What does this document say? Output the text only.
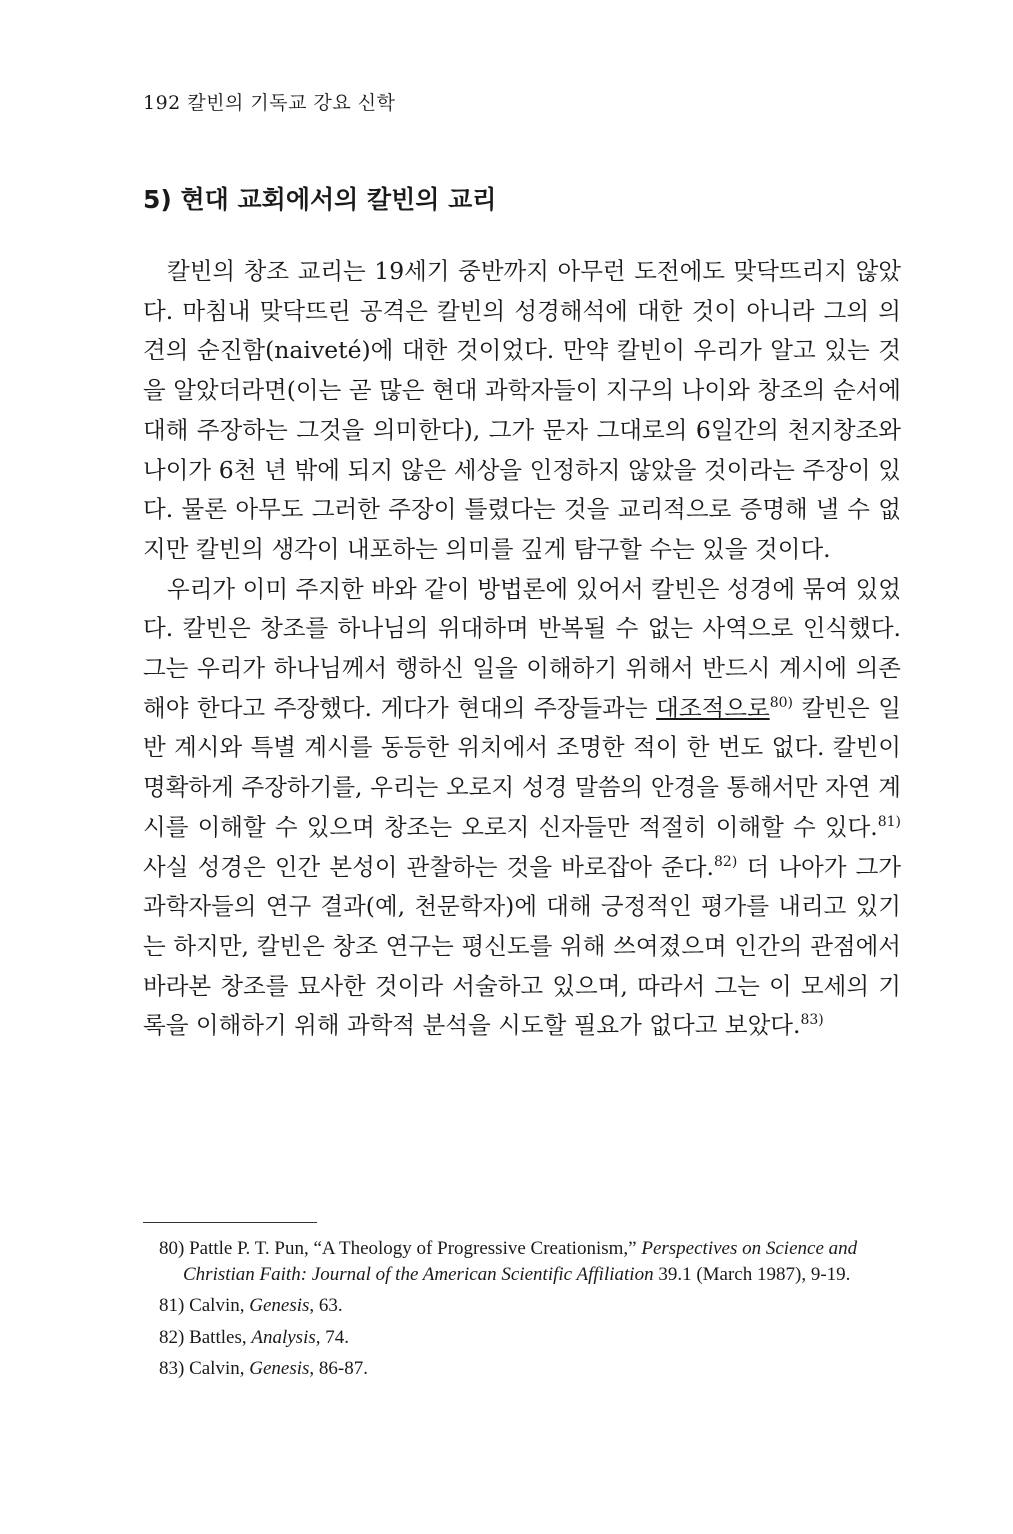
192 칼빈의 기독교 강요 신학
5) 현대 교회에서의 칼빈의 교리

칼빈의 창조 교리는 19세기 중반까지 아무런 도전에도 맞닥뜨리지 않았다. 마침내 맞닥뜨린 공격은 칼빈의 성경해석에 대한 것이 아니라 그의 의견의 순진함(naiveté)에 대한 것이었다. 만약 칼빈이 우리가 알고 있는 것을 알았더라면(이는 곧 많은 현대 과학자들이 지구의 나이와 창조의 순서에 대해 주장하는 그것을 의미한다), 그가 문자 그대로의 6일간의 천지창조와 나이가 6천 년 밖에 되지 않은 세상을 인정하지 않았을 것이라는 주장이 있다. 물론 아무도 그러한 주장이 틀렸다는 것을 교리적으로 증명해 낼 수 없지만 칼빈의 생각이 내포하는 의미를 깊게 탐구할 수는 있을 것이다.

우리가 이미 주지한 바와 같이 방법론에 있어서 칼빈은 성경에 묶여 있었다. 칼빈은 창조를 하나님의 위대하며 반복될 수 없는 사역으로 인식했다. 그는 우리가 하나님께서 행하신 일을 이해하기 위해서 반드시 계시에 의존해야 한다고 주장했다. 게다가 현대의 주장들과는 대조적으로$^{80)}$ 칼빈은 일반 계시와 특별 계시를 동등한 위치에서 조명한 적이 한 번도 없다. 칼빈이 명확하게 주장하기를, 우리는 오로지 성경 말씀의 안경을 통해서만 자연 계시를 이해할 수 있으며 창조는 오로지 신자들만 적절히 이해할 수 있다.$^{81)}$ 사실 성경은 인간 본성이 관찰하는 것을 바로잡아 준다.$^{82)}$ 더 나아가 그가 과학자들의 연구 결과(예, 천문학자)에 대해 긍정적인 평가를 내리고 있기는 하지만, 칼빈은 창조 연구는 평신도를 위해 쓰여졌으며 인간의 관점에서 바라본 창조를 묘사한 것이라 서술하고 있으며, 따라서 그는 이 모세의 기록을 이해하기 위해 과학적 분석을 시도할 필요가 없다고 보았다.$^{83)}$

80) Pattle P. T. Pun, “A Theology of Progressive Creationism,” Perspectives on Science and Christian Faith: Journal of the American Scientific Affiliation 39.1 (March 1987), 9-19.
81) Calvin, Genesis, 63.
82) Battles, Analysis, 74.
83) Calvin, Genesis, 86-87.
